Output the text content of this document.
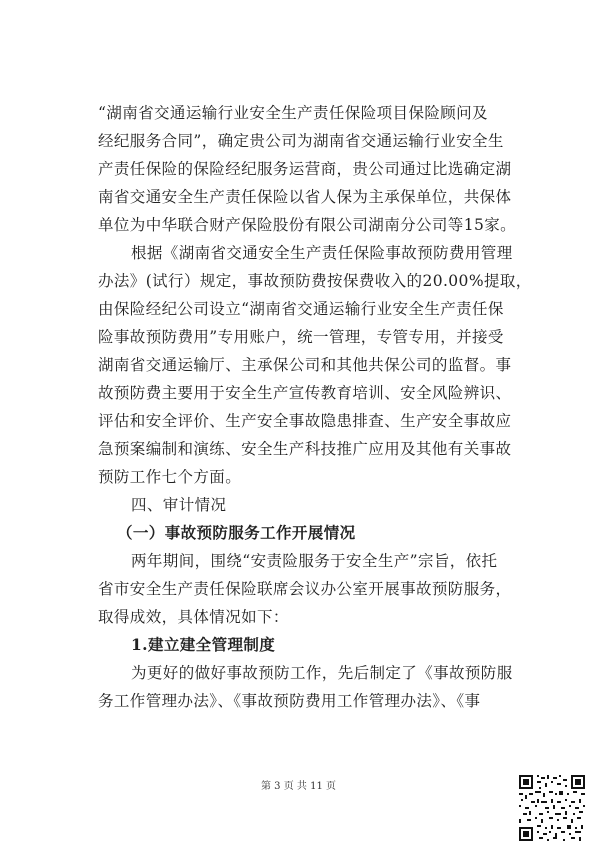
“湖南省交通运输行业安全生产责任保险项目保险顾问及
经纪服务合同”，确定贵公司为湖南省交通运输行业安全生
产责任保险的保险经纪服务运营商，贵公司通过比选确定湖
南省交通安全生产责任保险以省人保为主承保单位，共保体
单位为中华联合财产保险股份有限公司湖南分公司等15家。
根据《湖南省交通安全生产责任保险事故预防费用管理
办法》(试行）规定，事故预防费按保费收入的20.00%提取，
由保险经纪公司设立“湖南省交通运输行业安全生产责任保
险事故预防费用”专用账户，统一管理，专管专用，并接受
湖南省交通运输厅、主承保公司和其他共保公司的监督。事
故预防费主要用于安全生产宣传教育培训、安全风险辨识、
评估和安全评价、生产安全事故隐患排查、生产安全事故应
急预案编制和演练、安全生产科技推广应用及其他有关事故
预防工作七个方面。
四、审计情况
（一）事故预防服务工作开展情况
两年期间，围绕“安责险服务于安全生产”宗旨，依托
省市安全生产责任保险联席会议办公室开展事故预防服务，
取得成效，具体情况如下：
1.建立建全管理制度
为更好的做好事故预防工作，先后制定了《事故预防服
务工作管理办法》、《事故预防费用工作管理办法》、《事
第 3 页 共 11 页
